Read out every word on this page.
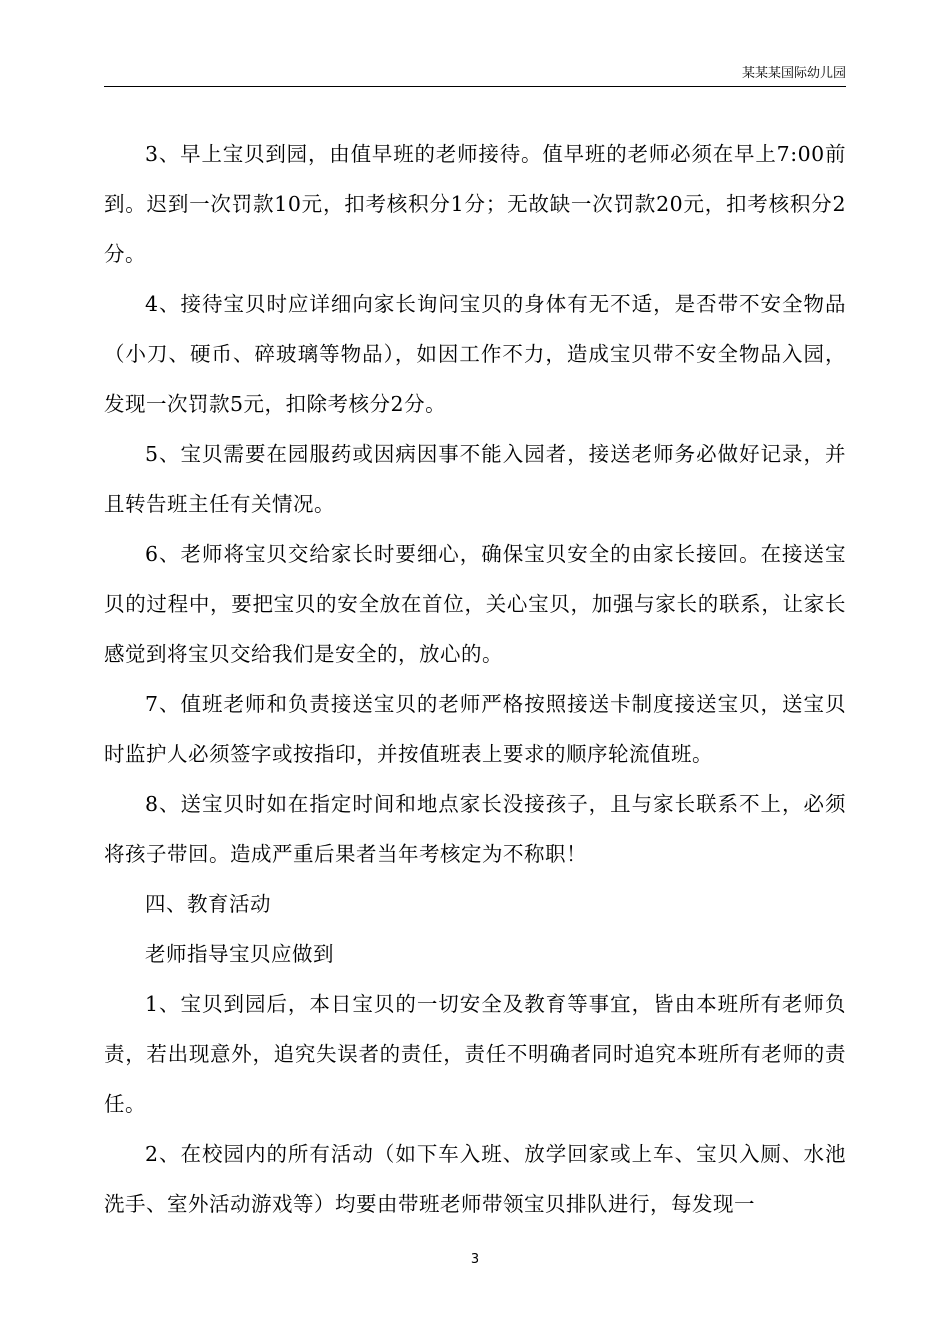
某某某国际幼儿园

3、早上宝贝到园，由值早班的老师接待。值早班的老师必须在早上7:00前到。迟到一次罚款10元，扣考核积分1分；无故缺一次罚款20元，扣考核积分2分。

4、接待宝贝时应详细向家长询问宝贝的身体有无不适，是否带不安全物品（小刀、硬币、碎玻璃等物品），如因工作不力，造成宝贝带不安全物品入园，发现一次罚款5元，扣除考核分2分。

5、宝贝需要在园服药或因病因事不能入园者，接送老师务必做好记录，并且转告班主任有关情况。

6、老师将宝贝交给家长时要细心，确保宝贝安全的由家长接回。在接送宝贝的过程中，要把宝贝的安全放在首位，关心宝贝，加强与家长的联系，让家长感觉到将宝贝交给我们是安全的，放心的。

7、值班老师和负责接送宝贝的老师严格按照接送卡制度接送宝贝，送宝贝时监护人必须签字或按指印，并按值班表上要求的顺序轮流值班。

8、送宝贝时如在指定时间和地点家长没接孩子，且与家长联系不上，必须将孩子带回。造成严重后果者当年考核定为不称职！

四、教育活动

老师指导宝贝应做到

1、宝贝到园后，本日宝贝的一切安全及教育等事宜，皆由本班所有老师负责，若出现意外，追究失误者的责任，责任不明确者同时追究本班所有老师的责任。

2、在校园内的所有活动（如下车入班、放学回家或上车、宝贝入厕、水池洗手、室外活动游戏等）均要由带班老师带领宝贝排队进行，每发现一

3
